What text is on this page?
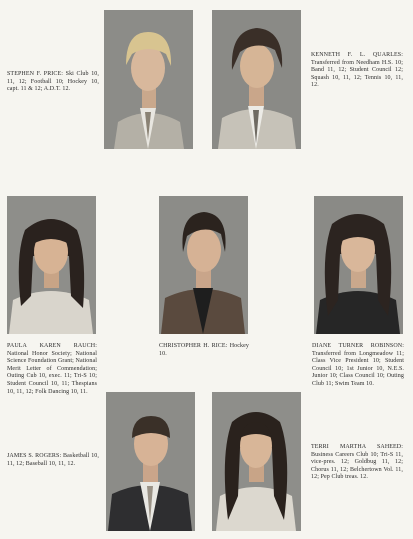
STEPHEN F. PRICE: Ski Club 10, 11, 12; Football 10; Hockey 10, capt. 11 & 12; A.D.T. 12.
KENNETH F. L. QUARLES: Transferred from Needham H.S. 10; Band 11, 12; Student Council 12; Squash 10, 11, 12; Tennis 10, 11, 12.
PAULA KAREN RAUCH: National Honor Society; National Science Foundation Grant; National Merit Letter of Commendation; Outing Cub 10, exec. 11; Tri-S 10; Student Council 10, 11; Thespians 10, 11, 12; Folk Dancing 10, 11.
CHRISTOPHER H. RICE: Hockey 10.
DIANE TURNER ROBINSON: Transferred from Longmeadow 11; Class Vice President 10; Student Council 10; 1st Junior 10, N.E.S. Junior 10; Class Council 10; Outing Club 11; Swim Team 10.
JAMES S. ROGERS: Basketball 10, 11, 12; Baseball 10, 11, 12.
TERRI MARTHA SAHEED: Business Careers Club 10; Tri-S 11, vice-pres. 12; Goldbug 11, 12; Chorus 11, 12; Belchertown Vol. 11, 12; Pep Club treas. 12.
